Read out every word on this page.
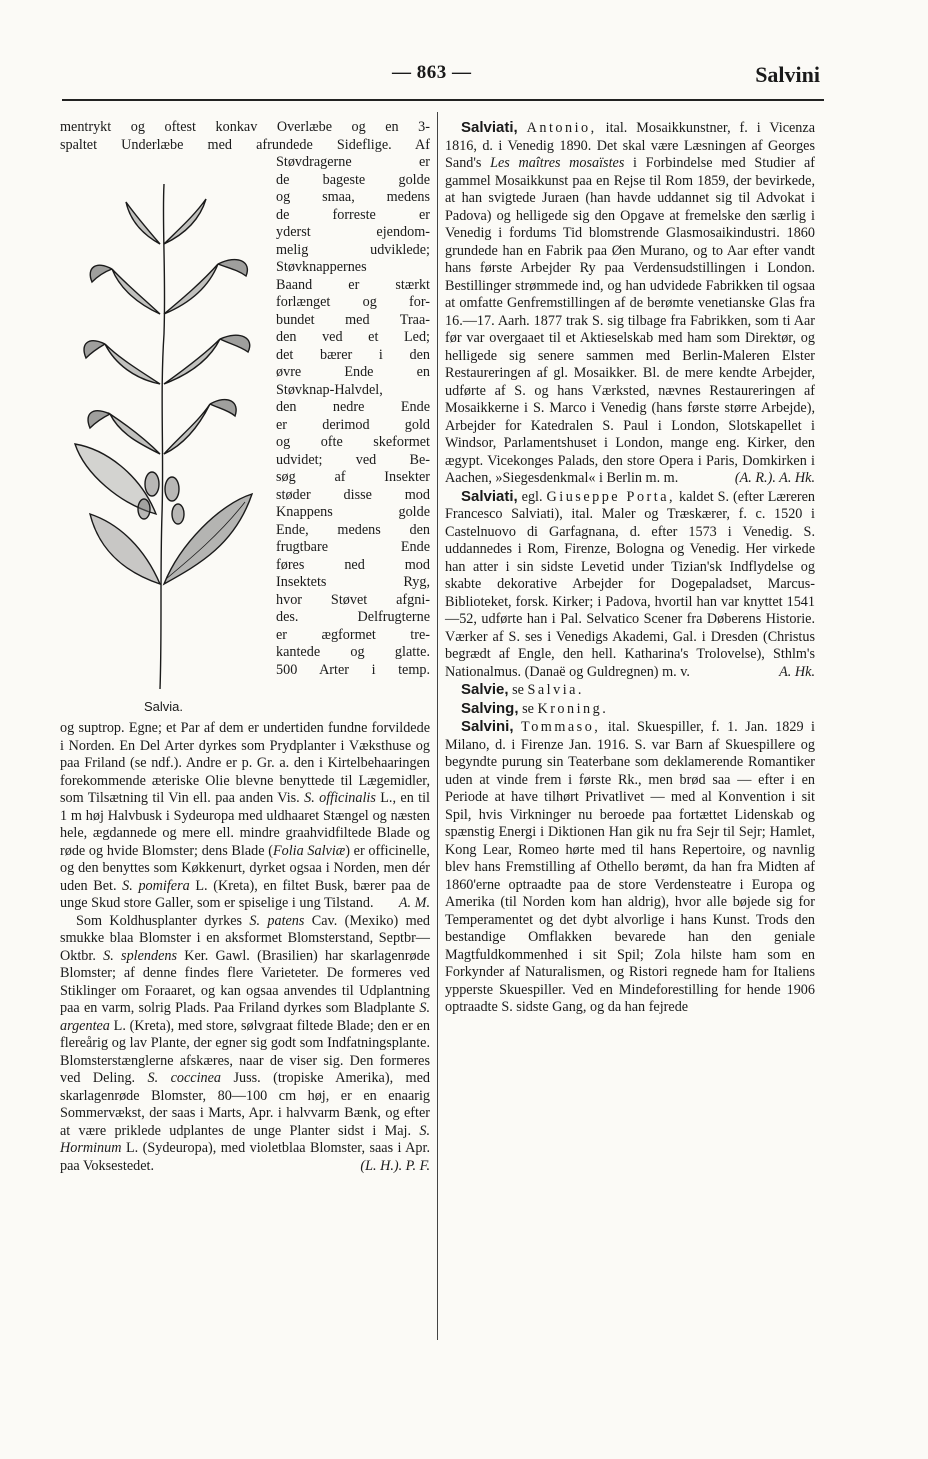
— 863 —	Salvini
mentrykt og oftest konkav Overlæbe og en 3-
spaltet Underlæbe med afrundede Sideflige. Af
Salvia.
Støvdragerne er
de bageste golde
og smaa, medens
de forreste er
yderst ejendom-
melig udviklede;
Støvknappernes
Baand er stærkt
forlænget og for-
bundet med Traa-
den ved et Led;
det bærer i den
øvre Ende en
Støvknap-Halvdel,
den nedre Ende
er derimod gold
og ofte skeformet
udvidet; ved Be-
søg af Insekter
støder disse mod
Knappens golde
Ende, medens den
frugtbare Ende
føres ned mod
Insektets Ryg,
hvor Støvet afgni-
des. Delfrugterne
er ægformet tre-
kantede og glatte.
500 Arter i temp.

og suptrop. Egne; et Par af dem er undertiden fundne forvildede i Norden. En Del Arter dyrkes som Prydplanter i Væksthuse og paa Friland (se ndf.). Andre er p. Gr. a. den i Kirtelbehaaringen forekommende æteriske Olie blevne benyttede til Lægemidler, som Tilsætning til Vin ell. paa anden Vis. S. officinalis L., en til 1 m høj Halvbusk i Sydeuropa med uldhaaret Stængel og næsten hele, ægdannede og mere ell. mindre graahvidfiltede Blade og røde og hvide Blomster; dens Blade (Folia Salviæ) er officinelle, og den benyttes som Køkkenurt, dyrket ogsaa i Norden, men dér uden Bet. S. pomifera L. (Kreta), en filtet Busk, bærer paa de unge Skud store Galler, som er spiselige i ung Tilstand. A. M.

Som Koldhusplanter dyrkes S. patens Cav. (Mexiko) med smukke blaa Blomster i en aksformet Blomsterstand, Septbr—Oktbr. S. splendens Ker. Gawl. (Brasilien) har skarlagenrøde Blomster; af denne findes flere Varieteter. De formeres ved Stiklinger om Foraaret, og kan ogsaa anvendes til Udplantning paa en varm, solrig Plads. Paa Friland dyrkes som Bladplante S. argentea L. (Kreta), med store, sølvgraat filtede Blade; den er en flereårig og lav Plante, der egner sig godt som Indfatningsplante. Blomsterstænglerne afskæres, naar de viser sig. Den formeres ved Deling. S. coccinea Juss. (tropiske Amerika), med skarlagenrøde Blomster, 80—100 cm høj, er en enaarig Sommervækst, der saas i Marts, Apr. i halvvarm Bænk, og efter at være priklede udplantes de unge Planter sidst i Maj. S. Horminum L. (Sydeuropa), med violetblaa Blomster, saas i Apr. paa Voksestedet.	(L. H.). P. F.

Salviati, Antonio, ital. Mosaikkunstner, f. i Vicenza 1816, d. i Venedig 1890. Det skal være Læsningen af Georges Sand's Les maîtres mosaïstes i Forbindelse med Studier af gammel Mosaikkunst paa en Rejse til Rom 1859, der bevirkede, at han svigtede Juraen (han havde uddannet sig til Advokat i Padova) og helligede sig den Opgave at fremelske den særlig i Venedig i fordums Tid blomstrende Glasmosaikindustri. 1860 grundede han en Fabrik paa Øen Murano, og to Aar efter vandt hans første Arbejder Ry paa Verdensudstillingen i London. Bestillinger strømmede ind, og han udvidede Fabrikken til ogsaa at omfatte Genfremstillingen af de berømte venetianske Glas fra 16.—17. Aarh. 1877 trak S. sig tilbage fra Fabrikken, som ti Aar før var overgaaet til et Aktieselskab med ham som Direktør, og helligede sig senere sammen med Berlin-Maleren Elster Restaureringen af gl. Mosaikker. Bl. de mere kendte Arbejder, udførte af S. og hans Værksted, nævnes Restaureringen af Mosaikkerne i S. Marco i Venedig (hans første større Arbejde), Arbejder for Katedralen S. Paul i London, Slotskapellet i Windsor, Parlamentshuset i London, mange eng. Kirker, den ægypt. Vicekonges Palads, den store Opera i Paris, Domkirken i Aachen, »Siegesdenkmal« i Berlin m. m.	(A. R.). A. Hk.

Salviati, egl. Giuseppe Porta, kaldet S. (efter Læreren Francesco Salviati), ital. Maler og Træskærer, f. c. 1520 i Castelnuovo di Garfagnana, d. efter 1573 i Venedig. S. uddannedes i Rom, Firenze, Bologna og Venedig. Her virkede han atter i sin sidste Levetid under Tizian'sk Indflydelse og skabte dekorative Arbejder for Dogepaladset, Marcus-Biblioteket, forsk. Kirker; i Padova, hvortil han var knyttet 1541—52, udførte han i Pal. Selvatico Scener fra Døberens Historie. Værker af S. ses i Venedigs Akademi, Gal. i Dresden (Christus begrædt af Engle, den hell. Katharina's Trolovelse), Sthlm's Nationalmus. (Danaë og Guldregnen) m. v.	A. Hk.

Salvie, se Salvia.

Salving, se Kroning.

Salvini, Tommaso, ital. Skuespiller, f. 1. Jan. 1829 i Milano, d. i Firenze Jan. 1916. S. var Barn af Skuespillere og begyndte purung sin Teaterbane som deklamerende Romantiker uden at vinde frem i første Rk., men brød saa — efter i en Periode at have tilhørt Privatlivet — med al Konvention i sit Spil, hvis Virkninger nu beroede paa fortættet Lidenskab og spænstig Energi i Diktionen Han gik nu fra Sejr til Sejr; Hamlet, Kong Lear, Romeo hørte med til hans Repertoire, og navnlig blev hans Fremstilling af Othello berømt, da han fra Midten af 1860'erne optraadte paa de store Verdensteatre i Europa og Amerika (til Norden kom han aldrig), hvor alle bøjede sig for Temperamentet og det dybt alvorlige i hans Kunst. Trods den bestandige Omflakken bevarede han den geniale Magtfuldkommenhed i sit Spil; Zola hilste ham som en Forkynder af Naturalismen, og Ristori regnede ham for Italiens ypperste Skuespiller. Ved en Mindeforestilling for hende 1906 optraadte S. sidste Gang, og da han fejrede
